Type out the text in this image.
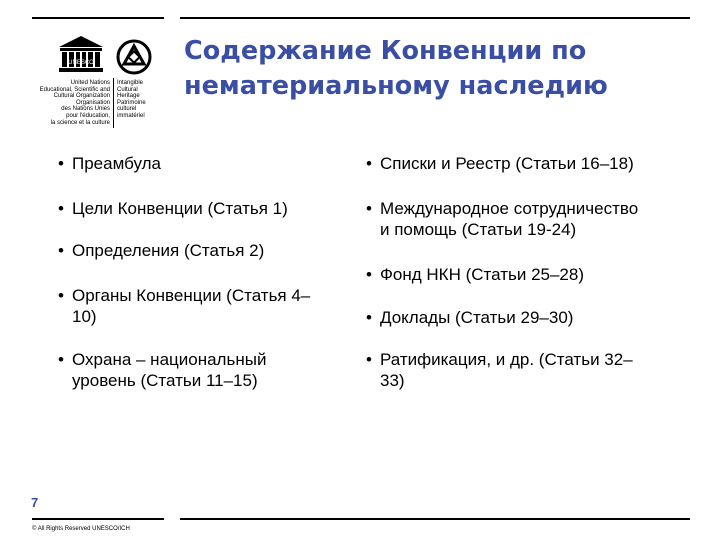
UNESCO
United Nations
Educational, Scientific and
Cultural Organization
Organisation
des Nations Unies
pour l'éducation,
la science et la culture
Intangible
Cultural
Heritage
Patrimoine
culturel
immatériel
Содержание Конвенции по
нематериальному наследию
• Преамбула
• Цели Конвенции (Статья 1)
• Определения (Статья 2)
• Органы Конвенции (Статья 4–
10)
• Охрана – национальный
уровень (Статьи 11–15)
• Списки и Реестр (Статьи 16–18)
• Международное сотрудничество
и помощь (Статьи 19-24)
• Фонд НКН (Статьи 25–28)
• Доклады (Статьи 29–30)
• Ратификация, и др. (Статьи 32–
33)
7
© All Rights Reserved UNESCO/ICH
